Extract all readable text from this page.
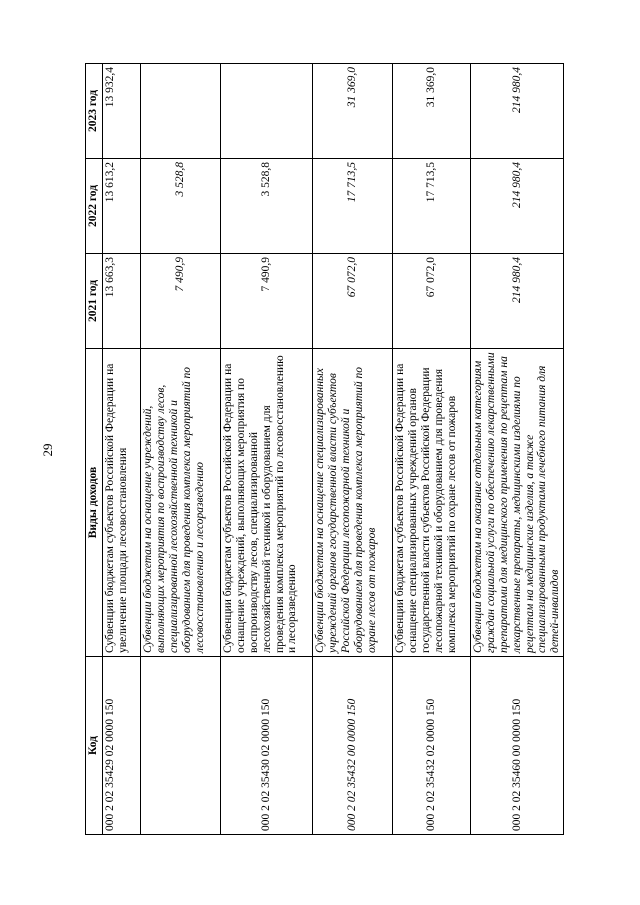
29
Код	Виды доходов	2021 год	2022 год	2023 год
000 2 02 35429 02 0000 150	Субвенции бюджетам субъектов Российской Федерации на увеличение площади лесовосстановления	13 663,3	13 613,2	13 932,4
	Субвенции бюджетам на оснащение учреждений, выполняющих мероприятия по воспроизводству лесов, специализированной лесохозяйственной техникой и оборудованием для проведения комплекса мероприятий по лесовосстановлению и лесоразведению	7 490,9	3 528,8	
000 2 02 35430 02 0000 150	Субвенции бюджетам субъектов Российской Федерации на оснащение учреждений, выполняющих мероприятия по воспроизводству лесов, специализированной лесохозяйственной техникой и оборудованием для проведения комплекса мероприятий по лесовосстановлению и лесоразведению	7 490,9	3 528,8	
000 2 02 35432 00 0000 150	Субвенции бюджетам на оснащение специализированных учреждений органов государственной власти субъектов Российской Федерации лесопожарной техникой и оборудованием для проведения комплекса мероприятий по охране лесов от пожаров	67 072,0	17 713,5	31 369,0
000 2 02 35432 02 0000 150	Субвенции бюджетам субъектов Российской Федерации на оснащение специализированных учреждений органов государственной власти субъектов Российской Федерации лесопожарной техникой и оборудованием для проведения комплекса мероприятий по охране лесов от пожаров	67 072,0	17 713,5	31 369,0
000 2 02 35460 00 0000 150	Субвенции бюджетам на оказание отдельным категориям граждан социальной услуги по обеспечению лекарственными препаратами для медицинского применения по рецептам на лекарственные препараты, медицинскими изделиями по рецептам на медицинские изделия, а также специализированными продуктами лечебного питания для детей-инвалидов	214 980,4	214 980,4	214 980,4
